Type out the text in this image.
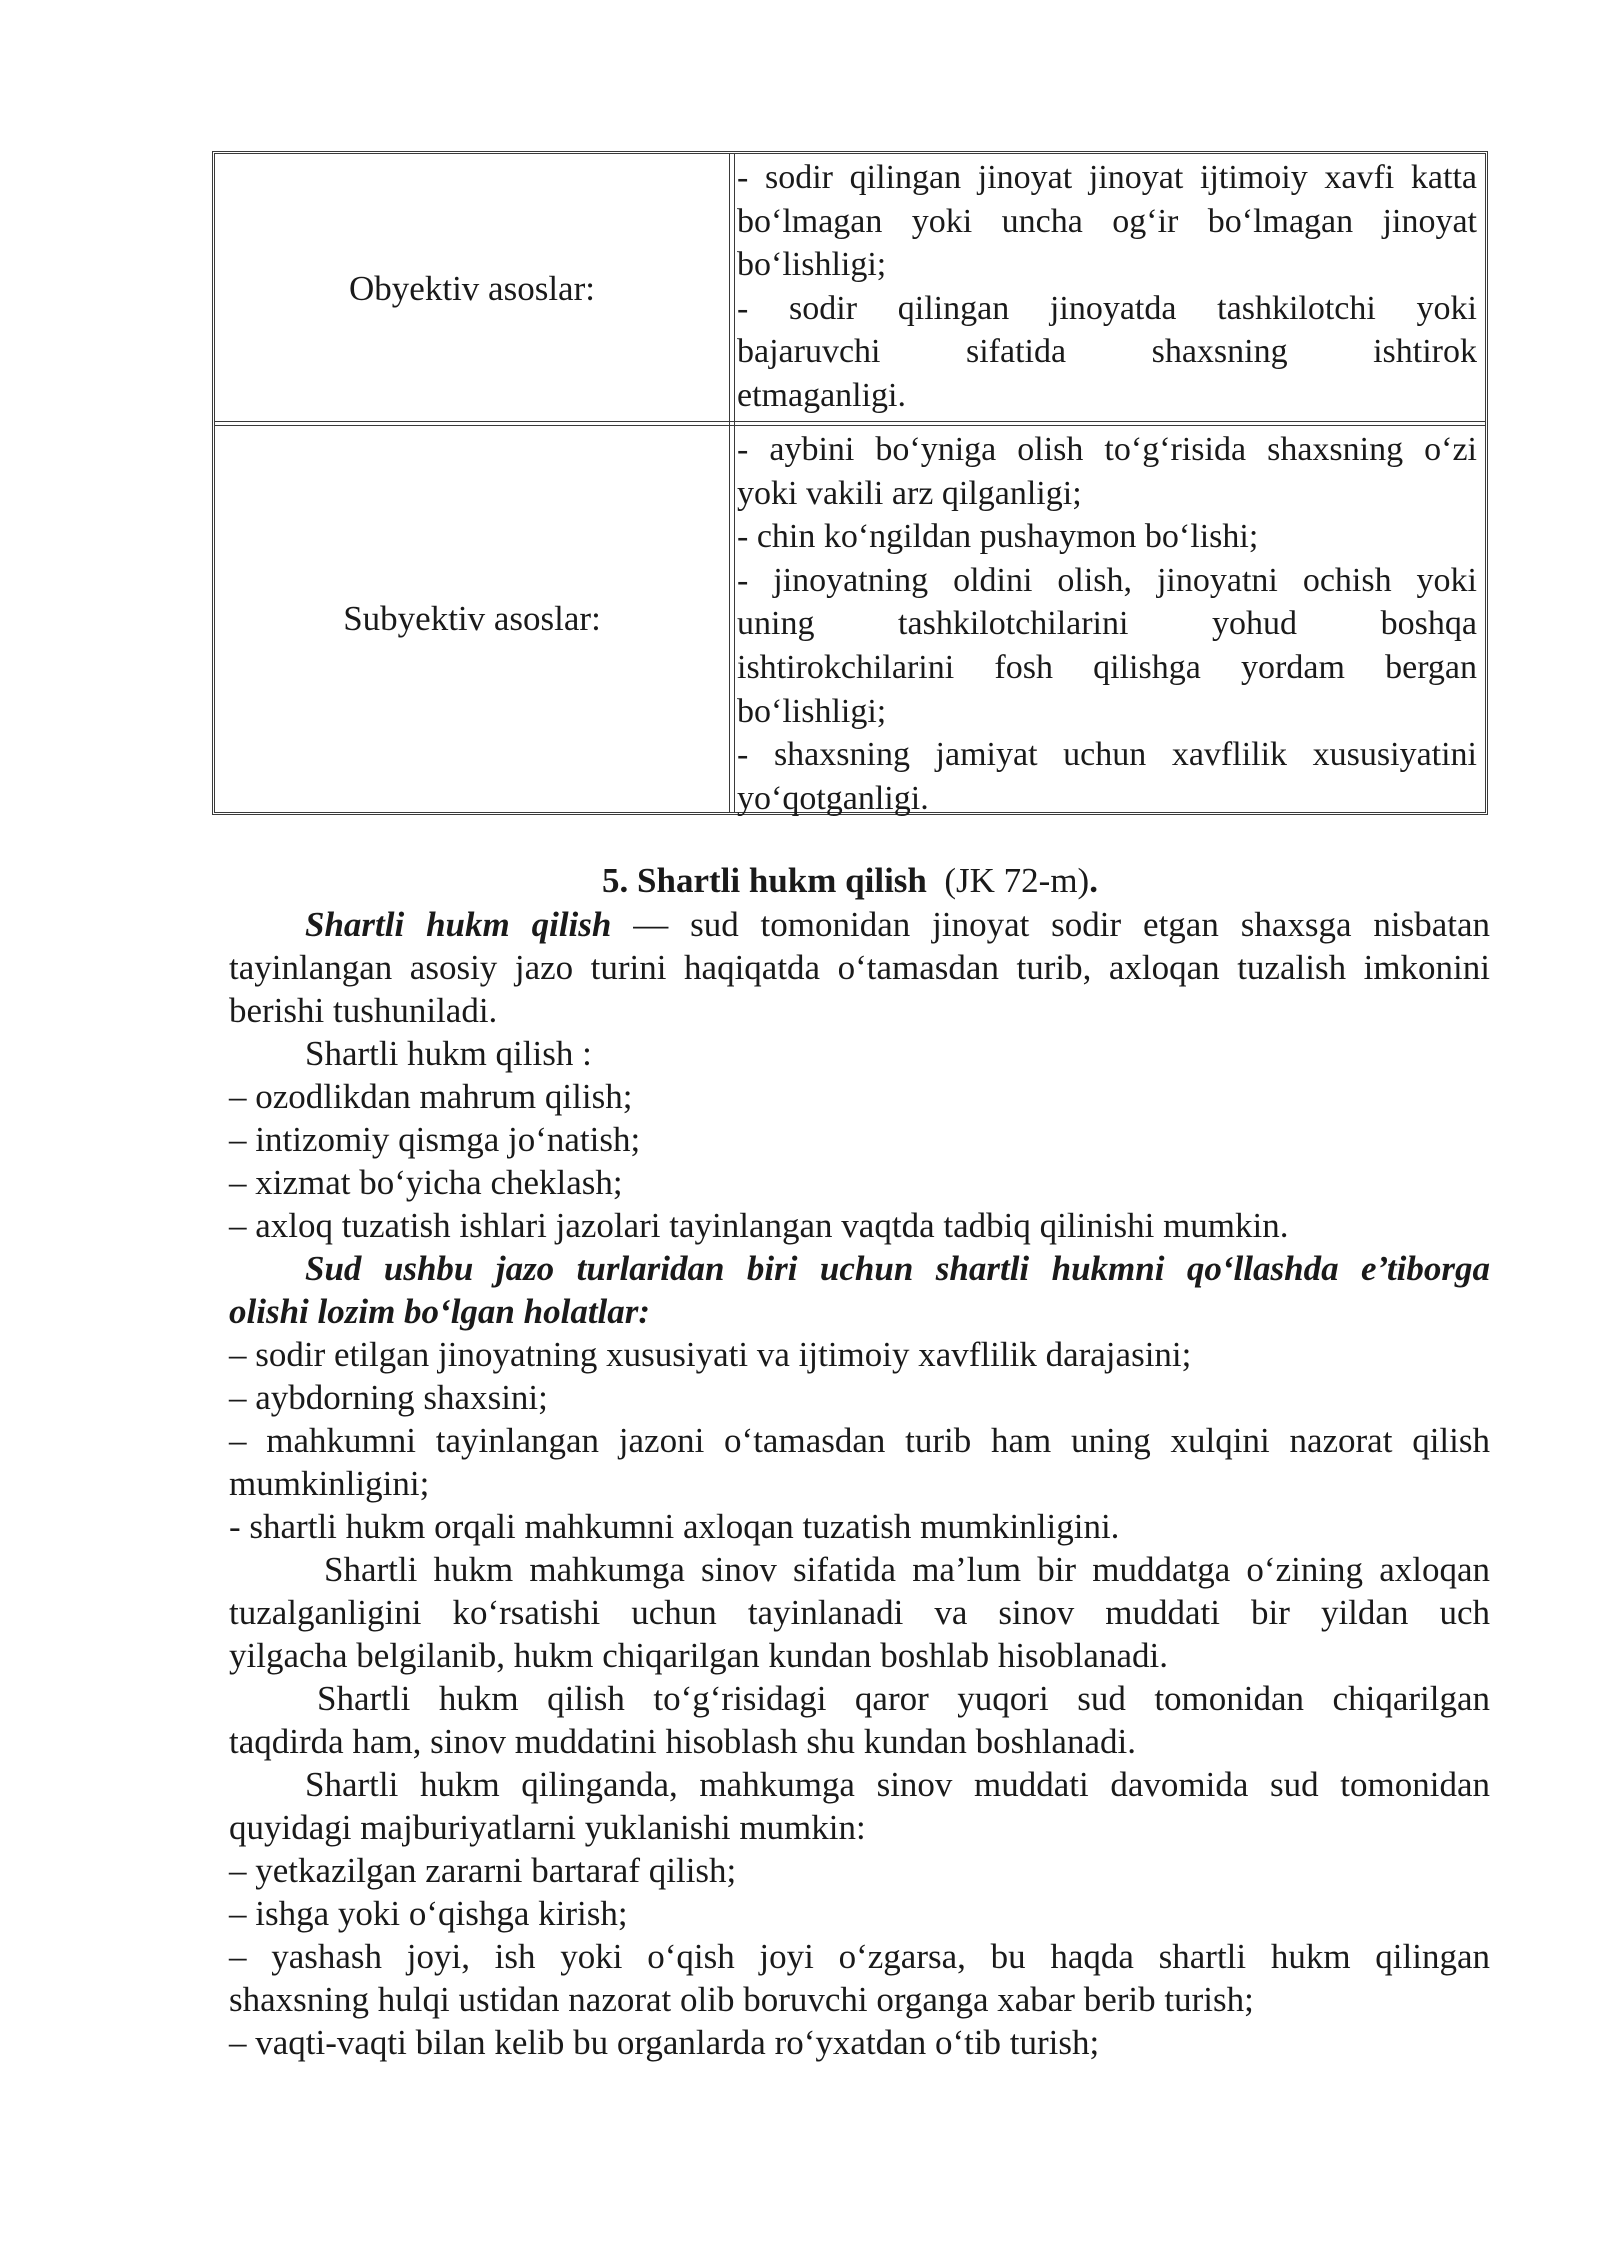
Obyektiv asoslar:
- sodir qilingan jinoyat jinoyat ijtimoiy xavfi katta
bo‘lmagan yoki uncha og‘ir bo‘lmagan jinoyat
bo‘lishligi;
- sodir qilingan jinoyatda tashkilotchi yoki
bajaruvchi sifatida shaxsning ishtirok
etmaganligi.
Subyektiv asoslar:
- aybini bo‘yniga olish to‘g‘risida shaxsning o‘zi
yoki vakili arz qilganligi;
- chin ko‘ngildan pushaymon bo‘lishi;
- jinoyatning oldini olish, jinoyatni ochish yoki
uning tashkilotchilarini yohud boshqa
ishtirokchilarini fosh qilishga yordam bergan
bo‘lishligi;
- shaxsning jamiyat uchun xavflilik xususiyatini
yo‘qotganligi.
5. Shartli hukm qilish (JK 72-m).
Shartli hukm qilish — sud tomonidan jinoyat sodir etgan shaxsga nisbatan
tayinlangan asosiy jazo turini haqiqatda o‘tamasdan turib, axloqan tuzalish imkonini
berishi tushuniladi.
Shartli hukm qilish :
– ozodlikdan mahrum qilish;
– intizomiy qismga jo‘natish;
– xizmat bo‘yicha cheklash;
– axloq tuzatish ishlari jazolari tayinlangan vaqtda tadbiq qilinishi mumkin.
Sud ushbu jazo turlaridan biri uchun shartli hukmni qo‘llashda e’tiborga
olishi lozim bo‘lgan holatlar:
– sodir etilgan jinoyatning xususiyati va ijtimoiy xavflilik darajasini;
– aybdorning shaxsini;
– mahkumni tayinlangan jazoni o‘tamasdan turib ham uning xulqini nazorat qilish
mumkinligini;
- shartli hukm orqali mahkumni axloqan tuzatish mumkinligini.
Shartli hukm mahkumga sinov sifatida ma’lum bir muddatga o‘zining axloqan
tuzalganligini ko‘rsatishi uchun tayinlanadi va sinov muddati bir yildan uch
yilgacha belgilanib, hukm chiqarilgan kundan boshlab hisoblanadi.
Shartli hukm qilish to‘g‘risidagi qaror yuqori sud tomonidan chiqarilgan
taqdirda ham, sinov muddatini hisoblash shu kundan boshlanadi.
Shartli hukm qilinganda, mahkumga sinov muddati davomida sud tomonidan
quyidagi majburiyatlarni yuklanishi mumkin:
– yetkazilgan zararni bartaraf qilish;
– ishga yoki o‘qishga kirish;
– yashash joyi, ish yoki o‘qish joyi o‘zgarsa, bu haqda shartli hukm qilingan
shaxsning hulqi ustidan nazorat olib boruvchi organga xabar berib turish;
– vaqti-vaqti bilan kelib bu organlarda ro‘yxatdan o‘tib turish;
